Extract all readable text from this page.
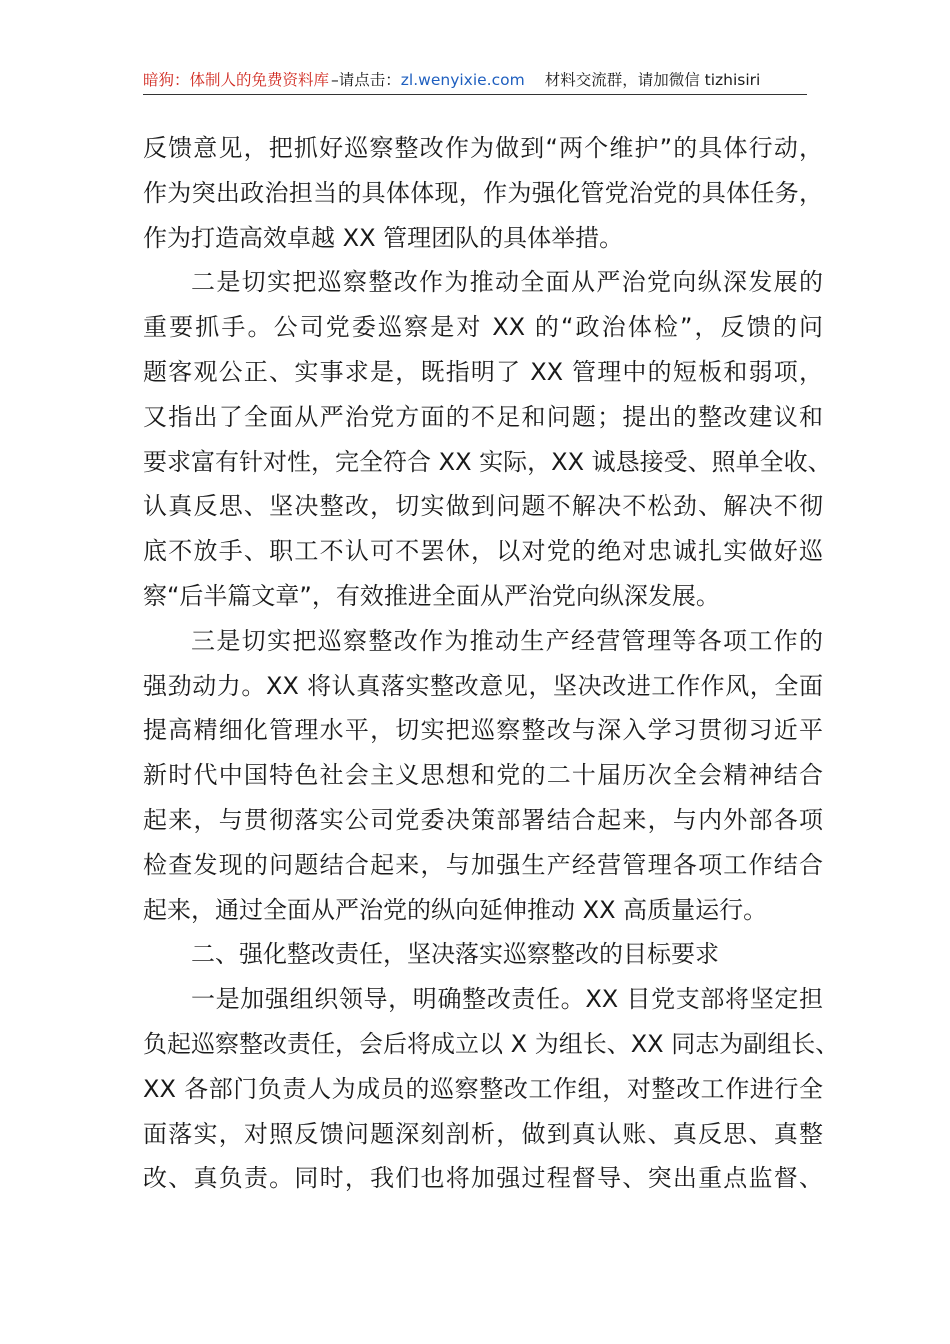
暗狗：体制人的免费资料库 –请点击：zl.wenyixie.com 材料交流群，请加微信 tizhisiri
反馈意见，把抓好巡察整改作为做到“两个维护”的具体行动，
作为突出政治担当的具体体现，作为强化管党治党的具体任务，
作为打造高效卓越 XX 管理团队的具体举措。
二是切实把巡察整改作为推动全面从严治党向纵深发展的
重要抓手。公司党委巡察是对 XX 的“政治体检”，反馈的问
题客观公正、实事求是，既指明了 XX 管理中的短板和弱项，
又指出了全面从严治党方面的不足和问题；提出的整改建议和
要求富有针对性，完全符合 XX 实际，XX 诚恳接受、照单全收、
认真反思、坚决整改，切实做到问题不解决不松劲、解决不彻
底不放手、职工不认可不罢休，以对党的绝对忠诚扎实做好巡
察“后半篇文章”，有效推进全面从严治党向纵深发展。
三是切实把巡察整改作为推动生产经营管理等各项工作的
强劲动力。XX 将认真落实整改意见，坚决改进工作作风，全面
提高精细化管理水平，切实把巡察整改与深入学习贯彻习近平
新时代中国特色社会主义思想和党的二十届历次全会精神结合
起来，与贯彻落实公司党委决策部署结合起来，与内外部各项
检查发现的问题结合起来，与加强生产经营管理各项工作结合
起来，通过全面从严治党的纵向延伸推动 XX 高质量运行。
二、强化整改责任，坚决落实巡察整改的目标要求
一是加强组织领导，明确整改责任。XX 目党支部将坚定担
负起巡察整改责任，会后将成立以 X 为组长、XX 同志为副组长、
XX 各部门负责人为成员的巡察整改工作组，对整改工作进行全
面落实，对照反馈问题深刻剖析，做到真认账、真反思、真整
改、真负责。同时，我们也将加强过程督导、突出重点监督、
